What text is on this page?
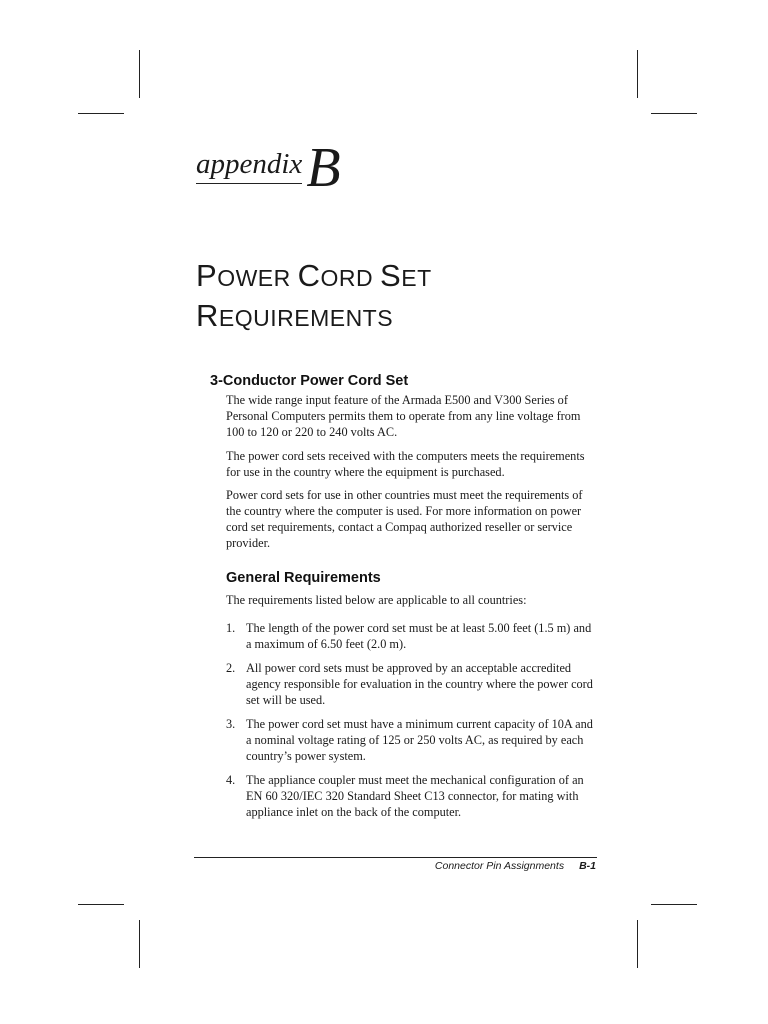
appendix B
POWER CORD SET
REQUIREMENTS
3-Conductor Power Cord Set

The wide range input feature of the Armada E500 and V300 Series of Personal Computers permits them to operate from any line voltage from 100 to 120 or 220 to 240 volts AC.

The power cord sets received with the computers meets the requirements for use in the country where the equipment is purchased.

Power cord sets for use in other countries must meet the requirements of the country where the computer is used. For more information on power cord set requirements, contact a Compaq authorized reseller or service provider.

General Requirements

The requirements listed below are applicable to all countries:

1. The length of the power cord set must be at least 5.00 feet (1.5 m) and a maximum of 6.50 feet (2.0 m).
2. All power cord sets must be approved by an acceptable accredited agency responsible for evaluation in the country where the power cord set will be used.
3. The power cord set must have a minimum current capacity of 10A and a nominal voltage rating of 125 or 250 volts AC, as required by each country’s power system.
4. The appliance coupler must meet the mechanical configuration of an EN 60 320/IEC 320 Standard Sheet C13 connector, for mating with appliance inlet on the back of the computer.
Connector Pin Assignments B-1
